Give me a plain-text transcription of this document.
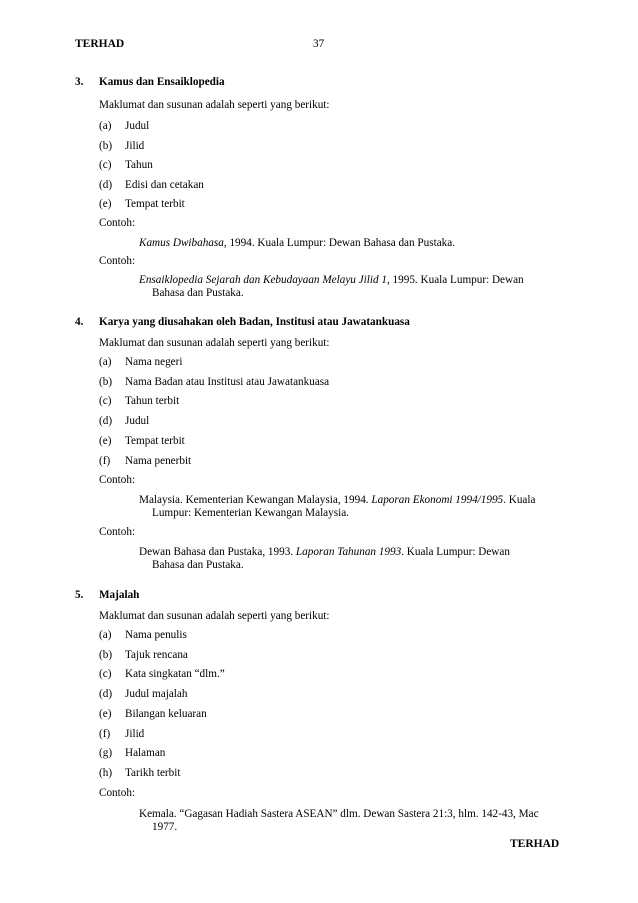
TERHAD	37
3. Kamus dan Ensaiklopedia
Maklumat dan susunan adalah seperti yang berikut:
(a) Judul
(b) Jilid
(c) Tahun
(d) Edisi dan cetakan
(e) Tempat terbit
Contoh:
Kamus Dwibahasa, 1994. Kuala Lumpur: Dewan Bahasa dan Pustaka.
Contoh:
Ensaiklopedia Sejarah dan Kebudayaan Melayu Jilid 1, 1995. Kuala Lumpur: Dewan
Bahasa dan Pustaka.
4. Karya yang diusahakan oleh Badan, Institusi atau Jawatankuasa
Maklumat dan susunan adalah seperti yang berikut:
(a) Nama negeri
(b) Nama Badan atau Institusi atau Jawatankuasa
(c) Tahun terbit
(d) Judul
(e) Tempat terbit
(f) Nama penerbit
Contoh:
Malaysia. Kementerian Kewangan Malaysia, 1994. Laporan Ekonomi 1994/1995. Kuala
Lumpur: Kementerian Kewangan Malaysia.
Contoh:
Dewan Bahasa dan Pustaka, 1993. Laporan Tahunan 1993. Kuala Lumpur: Dewan
Bahasa dan Pustaka.
5. Majalah
Maklumat dan susunan adalah seperti yang berikut:
(a) Nama penulis
(b) Tajuk rencana
(c) Kata singkatan “dlm.”
(d) Judul majalah
(e) Bilangan keluaran
(f) Jilid
(g) Halaman
(h) Tarikh terbit
Contoh:
Kemala. “Gagasan Hadiah Sastera ASEAN” dlm. Dewan Sastera 21:3, hlm. 142-43, Mac
1977.
TERHAD
